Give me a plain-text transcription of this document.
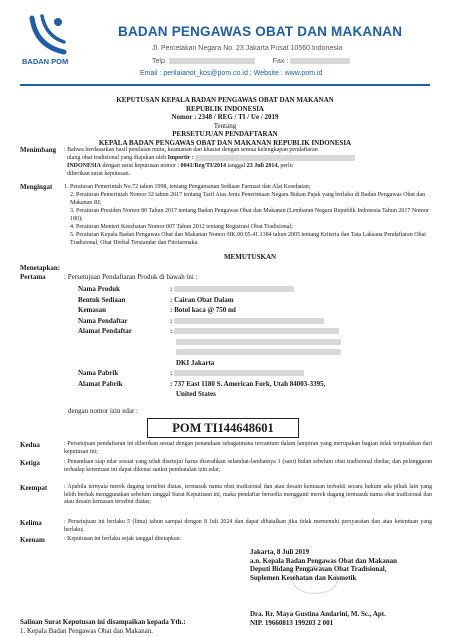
BADAN POM
BADAN PENGAWAS OBAT DAN MAKANAN
Jl. Percetakan Negara No. 23 Jakarta Pusat 10560 Indonesia
Telp.	Fax :
Email : perilaianot_kos@pom.co.id ; Website : www.pom.id
KEPUTUSAN KEPALA BADAN PENGAWAS OBAT DAN MAKANAN
REPUBLIK INDONESIA
Nomor : 2348 / REG / TI / Ue / 2019
Tentang
PERSETUJUAN PENDAFTARAN
KEPALA BADAN PENGAWAS OBAT DAN MAKANAN REPUBLIK INDONESIA
Menimbang : Bahwa berdasarkan hasil penilaian mutu, keamanan dan khasiat dengan semua kelengkapan pendaftaran
ulang obat tradisional yang diajukan oleh Importir :
INDONESIA dengan surat keputusan nomor : 0041/Reg/TI/2014 tanggal 23 Juli 2014, perlu
diberikan surat keputusan.
Mengingat 1. Peraturan Pemerintah No.72 tahun 1998, tentang Pengamanan Sediaan Farmasi dan Alat Kesehatan;
2. Peraturan Pemerintah Nomor 32 tahun 2017 tentang Tarif Atas Jenis Penerimaan Negara Bukan Pajak yang berlaku di Badan Pengawas Obat dan Makanan RI;
3. Peraturan Presiden Nomor 80 Tahun 2017 tentang Badan Pengawas Obat dan Makanan (Lembaran Negara Republik Indonesia Tahun 2017 Nomor 180);
4. Peraturan Menteri Kesehatan Nomor 007 Tahun 2012 tentang Registrasi Obat Tradisional;
5. Peraturan Kepala Badan Pengawas Obat dan Makanan Nomor HK.00.05.41.1384 tahun 2005 tentang Kriteria dan Tata Laksana Pendaftaran Obat Tradisional, Obat Herbal Terstandar dan Fitofarmaka.
MEMUTUSKAN
Menetapkan:
Pertama	: Persetujuan Pendaftaran Produk di bawah ini :
Nama Produk	:
Bentuk Sediaan	: Cairan Obat Dalam
Kemasan	: Botol kaca @ 750 ml
Nama Pendaftar	:
Alamat Pendaftar	:
DKI Jakarta
Nama Pabrik	:
Alamat Pabrik	: 737 East 1180 S. American Fork, Utah 84003-3395,
United States
dengan nomor izin edar :
POM TI144648601
Kedua	: Persetujuan pendaftaran ini diberikan sesuai dengan penandaan sebagaimana tercantum dalam lampiran yang merupakan bagian tidak terpisahkan dari keputusan ini;
Ketiga	: Penandaan siap edar sesuai yang telah disetujui harus diserahkan selambat-lambatnya 1 (satu) bulan sebelum obat tradisional diedar, dan pelanggaran terhadap ketentuan ini dapat dikenai sanksi pembatalan izin edar;
Keempat	: Apabila ternyata merek dagang tersebut diatas, termasuk nama obat tradisional dan atau desain kemasan terbukti secara hukum ada pihak lain yang lebih berhak menggunakan sebelum tanggal Surat Keputusan ini, maka pendaftar bersedia mengganti merek dagang termasuk nama obat tradisional dan atau desain kemasan tersebut diatas;
Kelima	: Persetujuan ini berlaku 5 (lima) tahun sampai dengan 8 Juli 2024 dan dapat dibatalkan jika tidak memenuhi persyaratan dan atau ketentuan yang berlaku;
Keenam	: Keputusan ini berlaku sejak tanggal ditetapkan.
Jakarta, 8 Juli 2019
a.n. Kepala Badan Pengawas Obat dan Makanan
Deputi Bidang Pengawasan Obat Tradisional,
Suplemen Kesehatan dan Kosmetik
Dra. Rr. Maya Gustina Andarini, M. Sc., Apt.
NIP. 19660813 199203 2 001
Salinan Surat Keputusan ini disampaikan kepada Yth.:
1. Kepala Badan Pengawas Obat dan Makanan.
